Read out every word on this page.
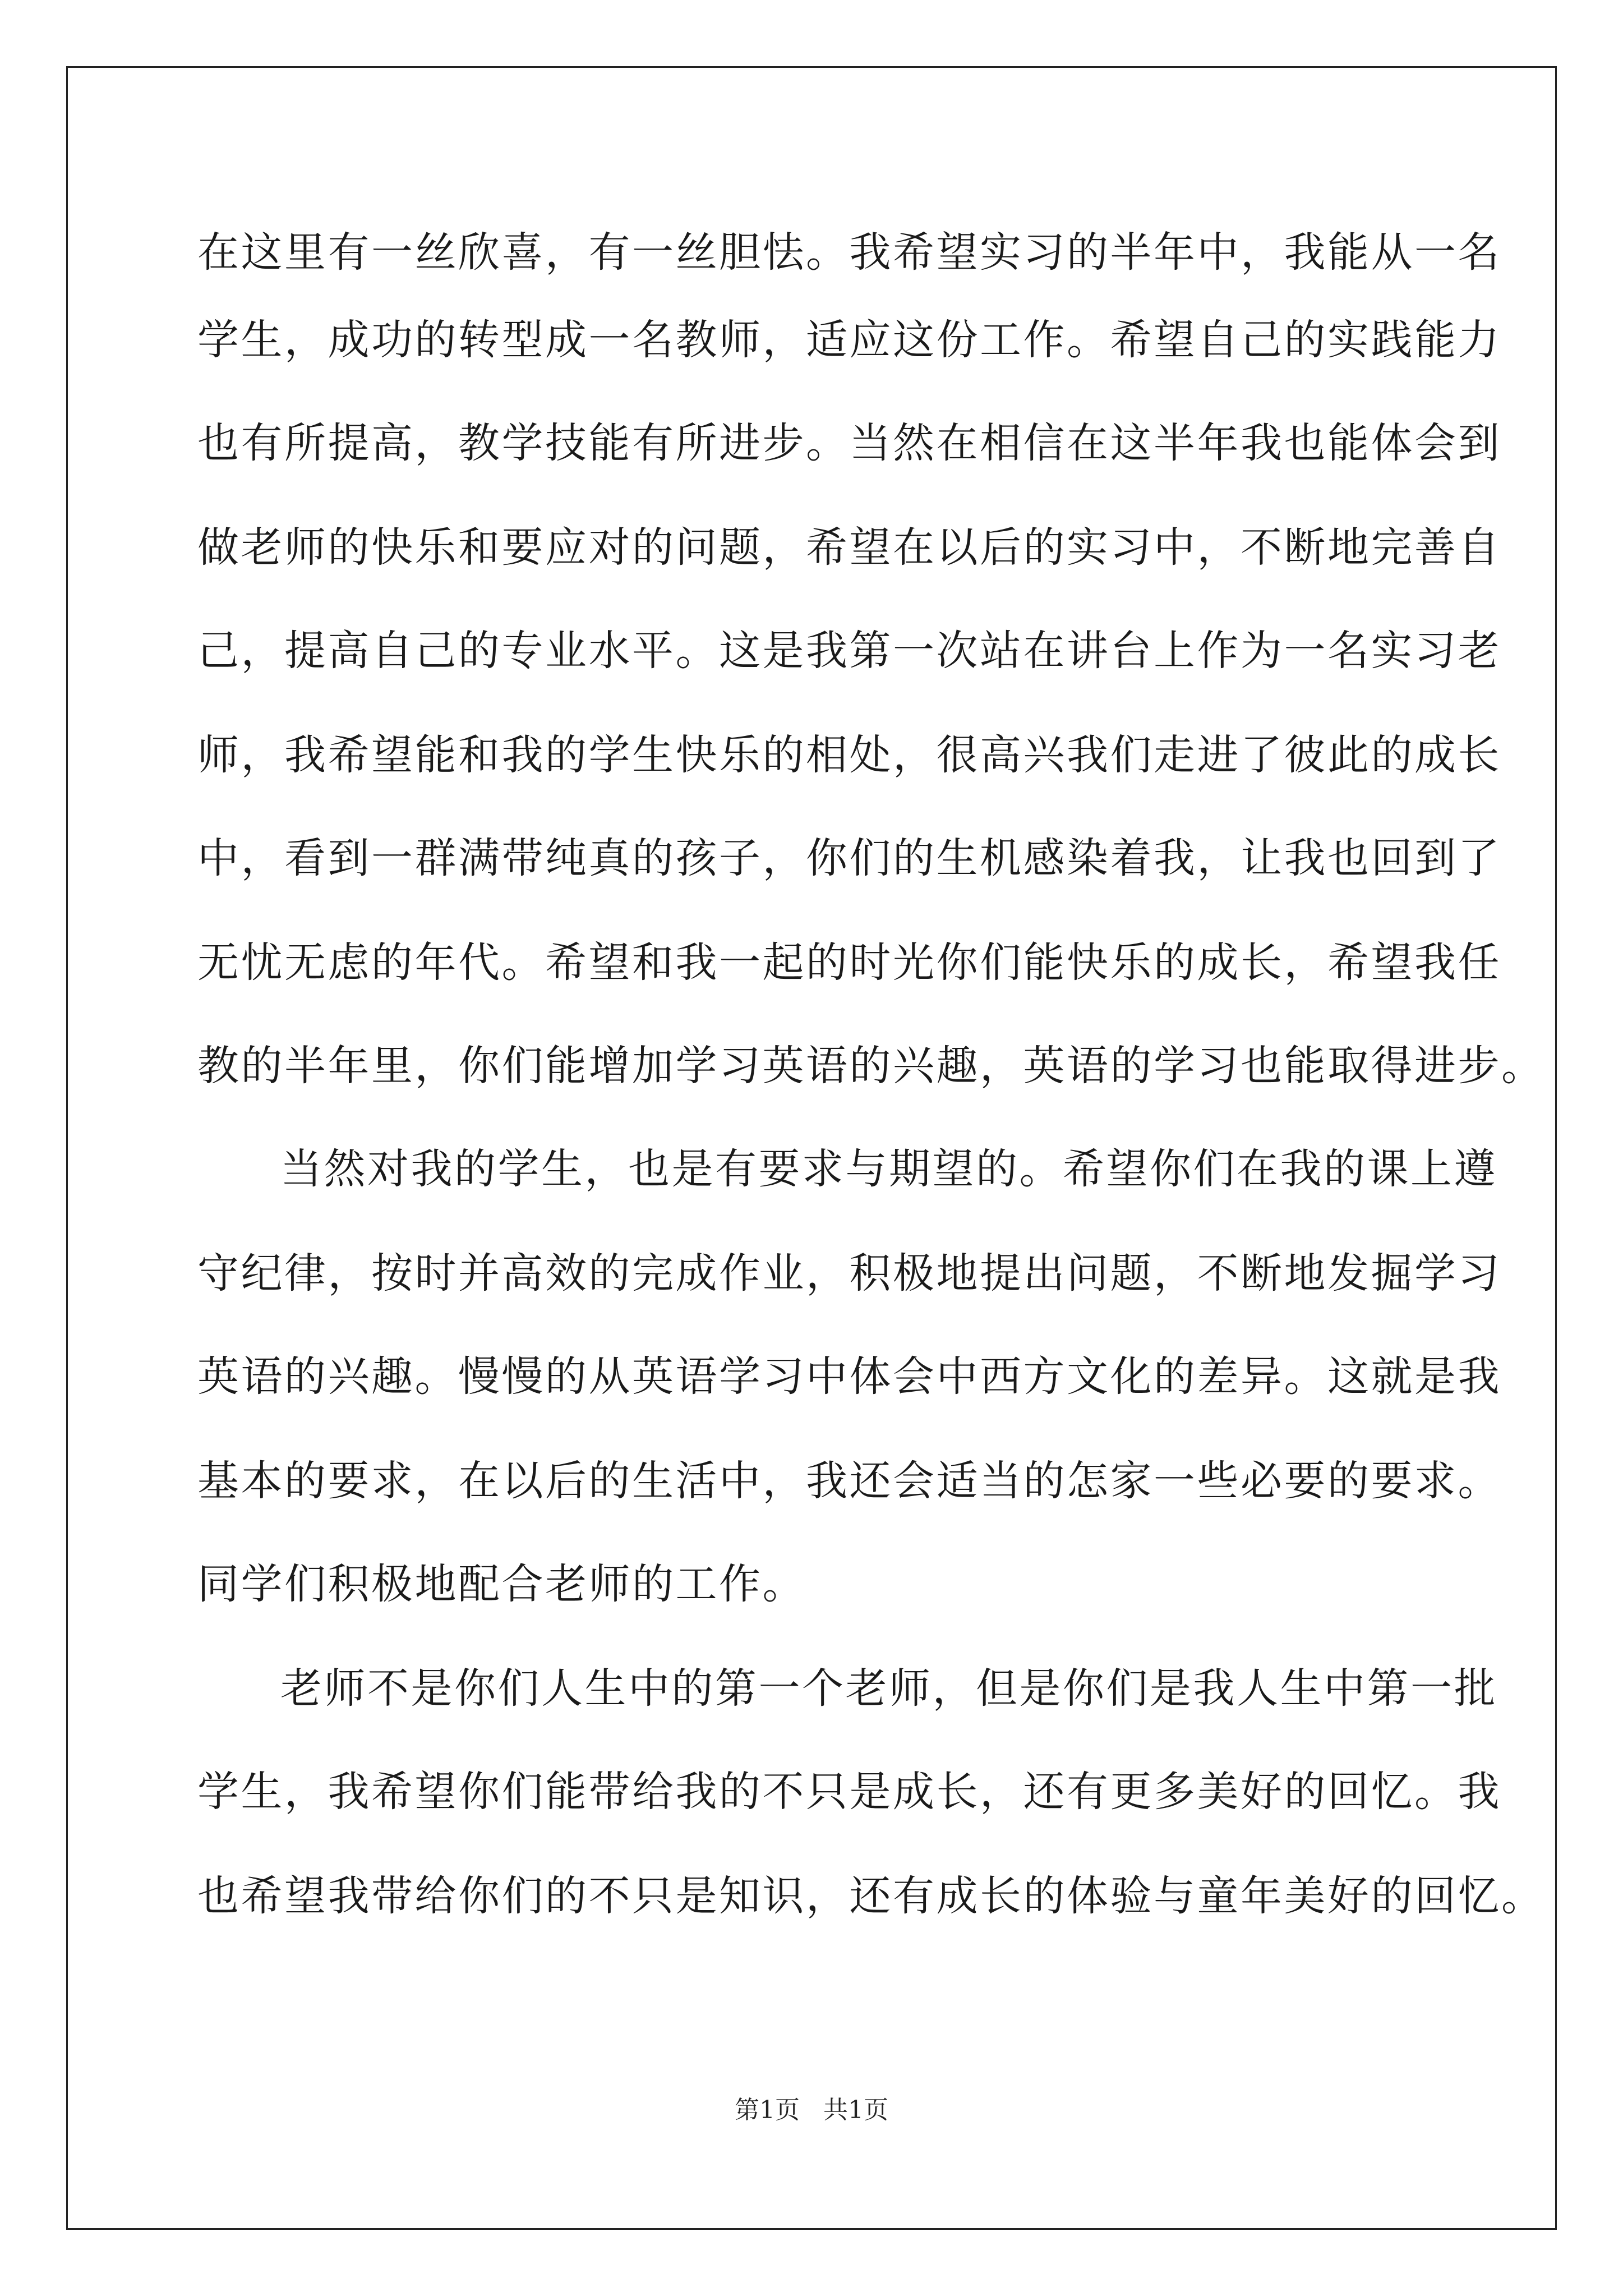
在这里有一丝欣喜，有一丝胆怯。我希望实习的半年中，我能从一名
学生，成功的转型成一名教师，适应这份工作。希望自己的实践能力
也有所提高，教学技能有所进步。当然在相信在这半年我也能体会到
做老师的快乐和要应对的问题，希望在以后的实习中，不断地完善自
己，提高自己的专业水平。这是我第一次站在讲台上作为一名实习老
师，我希望能和我的学生快乐的相处，很高兴我们走进了彼此的成长
中，看到一群满带纯真的孩子，你们的生机感染着我，让我也回到了
无忧无虑的年代。希望和我一起的时光你们能快乐的成长，希望我任
教的半年里，你们能增加学习英语的兴趣，英语的学习也能取得进步。
当然对我的学生，也是有要求与期望的。希望你们在我的课上遵
守纪律，按时并高效的完成作业，积极地提出问题，不断地发掘学习
英语的兴趣。慢慢的从英语学习中体会中西方文化的差异。这就是我
基本的要求，在以后的生活中，我还会适当的怎家一些必要的要求。
同学们积极地配合老师的工作。
老师不是你们人生中的第一个老师，但是你们是我人生中第一批
学生，我希望你们能带给我的不只是成长，还有更多美好的回忆。我
也希望我带给你们的不只是知识，还有成长的体验与童年美好的回忆。
第1页 共1页
